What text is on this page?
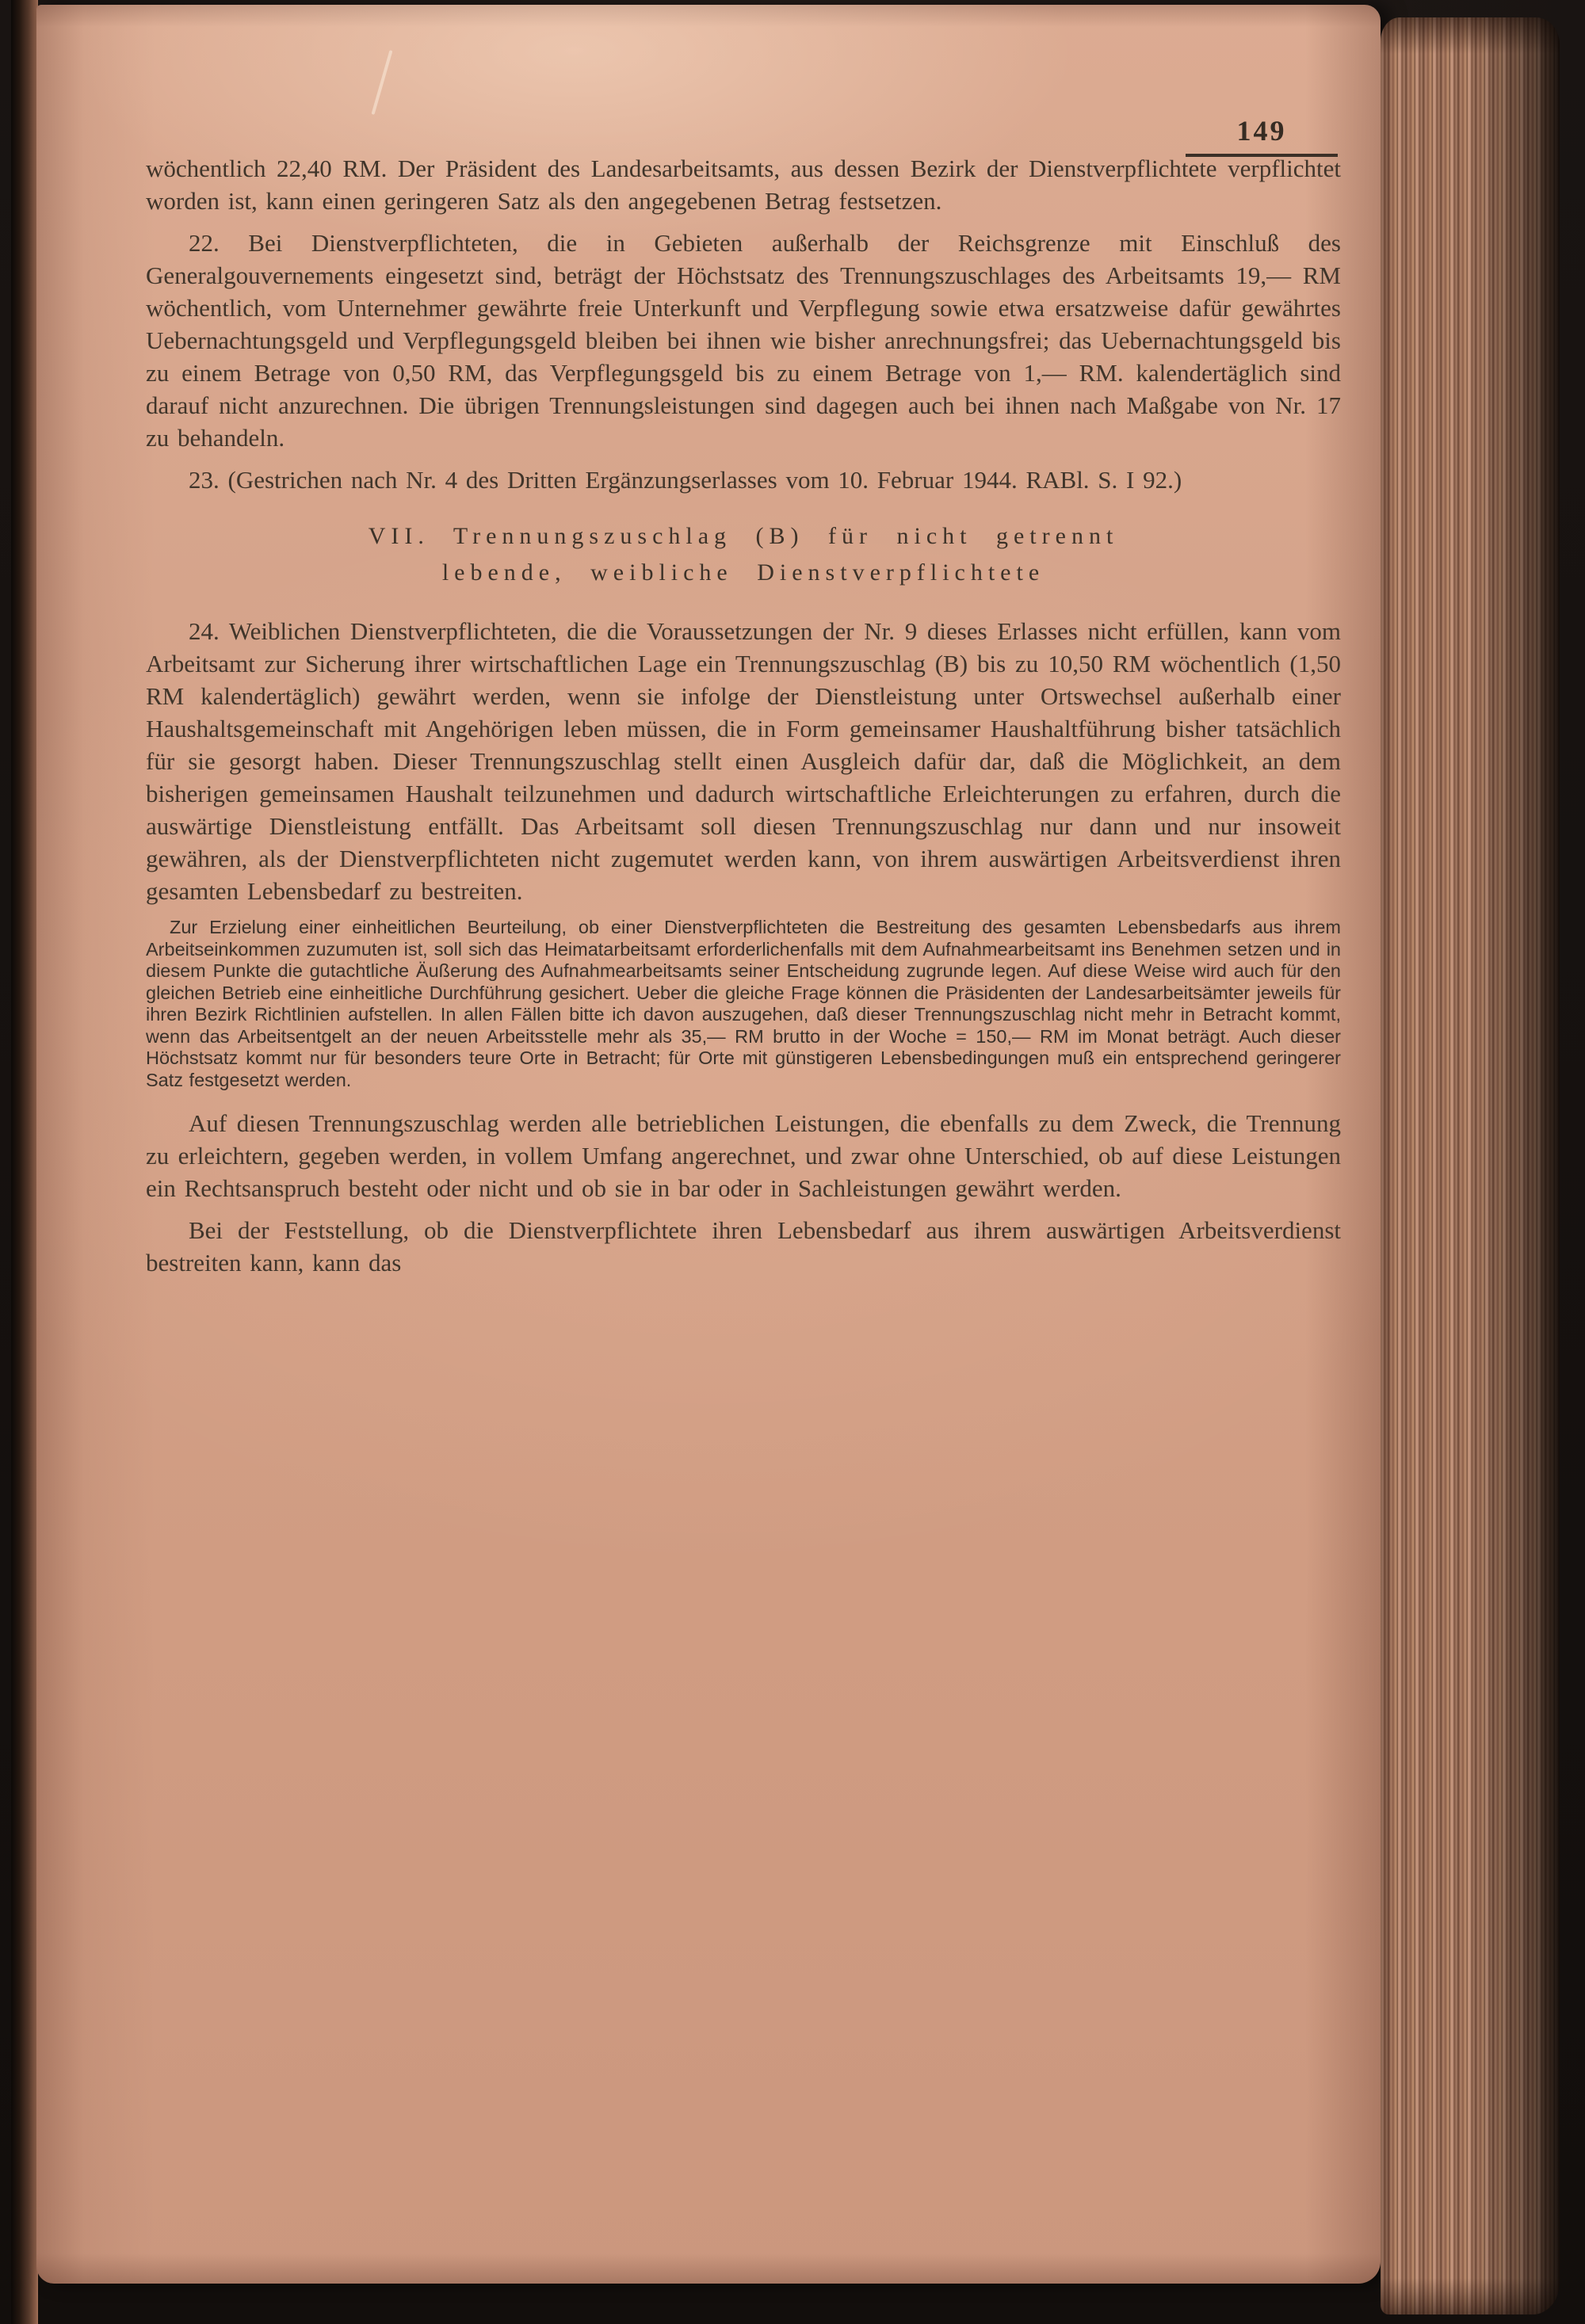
149

wöchentlich 22,40 RM. Der Präsident des Landesarbeitsamts, aus dessen Bezirk der Dienstverpflichtete verpflichtet worden ist, kann einen geringeren Satz als den angegebenen Betrag festsetzen.

22. Bei Dienstverpflichteten, die in Gebieten außerhalb der Reichsgrenze mit Einschluß des Generalgouvernements eingesetzt sind, beträgt der Höchstsatz des Trennungszuschlages des Arbeitsamts 19,— RM wöchentlich, vom Unternehmer gewährte freie Unterkunft und Verpflegung sowie etwa ersatzweise dafür gewährtes Uebernachtungsgeld und Verpflegungsgeld bleiben bei ihnen wie bisher anrechnungsfrei; das Uebernachtungsgeld bis zu einem Betrage von 0,50 RM, das Verpflegungsgeld bis zu einem Betrage von 1,— RM. kalendertäglich sind darauf nicht anzurechnen. Die übrigen Trennungsleistungen sind dagegen auch bei ihnen nach Maßgabe von Nr. 17 zu behandeln.

23. (Gestrichen nach Nr. 4 des Dritten Ergänzungserlasses vom 10. Februar 1944. RABl. S. I 92.)

VII. Trennungszuschlag (B) für nicht getrennt
lebende, weibliche Dienstverpflichtete

24. Weiblichen Dienstverpflichteten, die die Voraussetzungen der Nr. 9 dieses Erlasses nicht erfüllen, kann vom Arbeitsamt zur Sicherung ihrer wirtschaftlichen Lage ein Trennungszuschlag (B) bis zu 10,50 RM wöchentlich (1,50 RM kalendertäglich) gewährt werden, wenn sie infolge der Dienstleistung unter Ortswechsel außerhalb einer Haushaltsgemeinschaft mit Angehörigen leben müssen, die in Form gemeinsamer Haushaltführung bisher tatsächlich für sie gesorgt haben. Dieser Trennungszuschlag stellt einen Ausgleich dafür dar, daß die Möglichkeit, an dem bisherigen gemeinsamen Haushalt teilzunehmen und dadurch wirtschaftliche Erleichterungen zu erfahren, durch die auswärtige Dienstleistung entfällt. Das Arbeitsamt soll diesen Trennungszuschlag nur dann und nur insoweit gewähren, als der Dienstverpflichteten nicht zugemutet werden kann, von ihrem auswärtigen Arbeitsverdienst ihren gesamten Lebensbedarf zu bestreiten.

Zur Erzielung einer einheitlichen Beurteilung, ob einer Dienstverpflichteten die Bestreitung des gesamten Lebensbedarfs aus ihrem Arbeitseinkommen zuzumuten ist, soll sich das Heimatarbeitsamt erforderlichenfalls mit dem Aufnahmearbeitsamt ins Benehmen setzen und in diesem Punkte die gutachtliche Äußerung des Aufnahmearbeitsamts seiner Entscheidung zugrunde legen. Auf diese Weise wird auch für den gleichen Betrieb eine einheitliche Durchführung gesichert. Ueber die gleiche Frage können die Präsidenten der Landesarbeitsämter jeweils für ihren Bezirk Richtlinien aufstellen. In allen Fällen bitte ich davon auszugehen, daß dieser Trennungszuschlag nicht mehr in Betracht kommt, wenn das Arbeitsentgelt an der neuen Arbeitsstelle mehr als 35,— RM brutto in der Woche = 150,— RM im Monat beträgt. Auch dieser Höchstsatz kommt nur für besonders teure Orte in Betracht; für Orte mit günstigeren Lebensbedingungen muß ein entsprechend geringerer Satz festgesetzt werden.

Auf diesen Trennungszuschlag werden alle betrieblichen Leistungen, die ebenfalls zu dem Zweck, die Trennung zu erleichtern, gegeben werden, in vollem Umfang angerechnet, und zwar ohne Unterschied, ob auf diese Leistungen ein Rechtsanspruch besteht oder nicht und ob sie in bar oder in Sachleistungen gewährt werden.

Bei der Feststellung, ob die Dienstverpflichtete ihren Lebensbedarf aus ihrem auswärtigen Arbeitsverdienst bestreiten kann, kann das
